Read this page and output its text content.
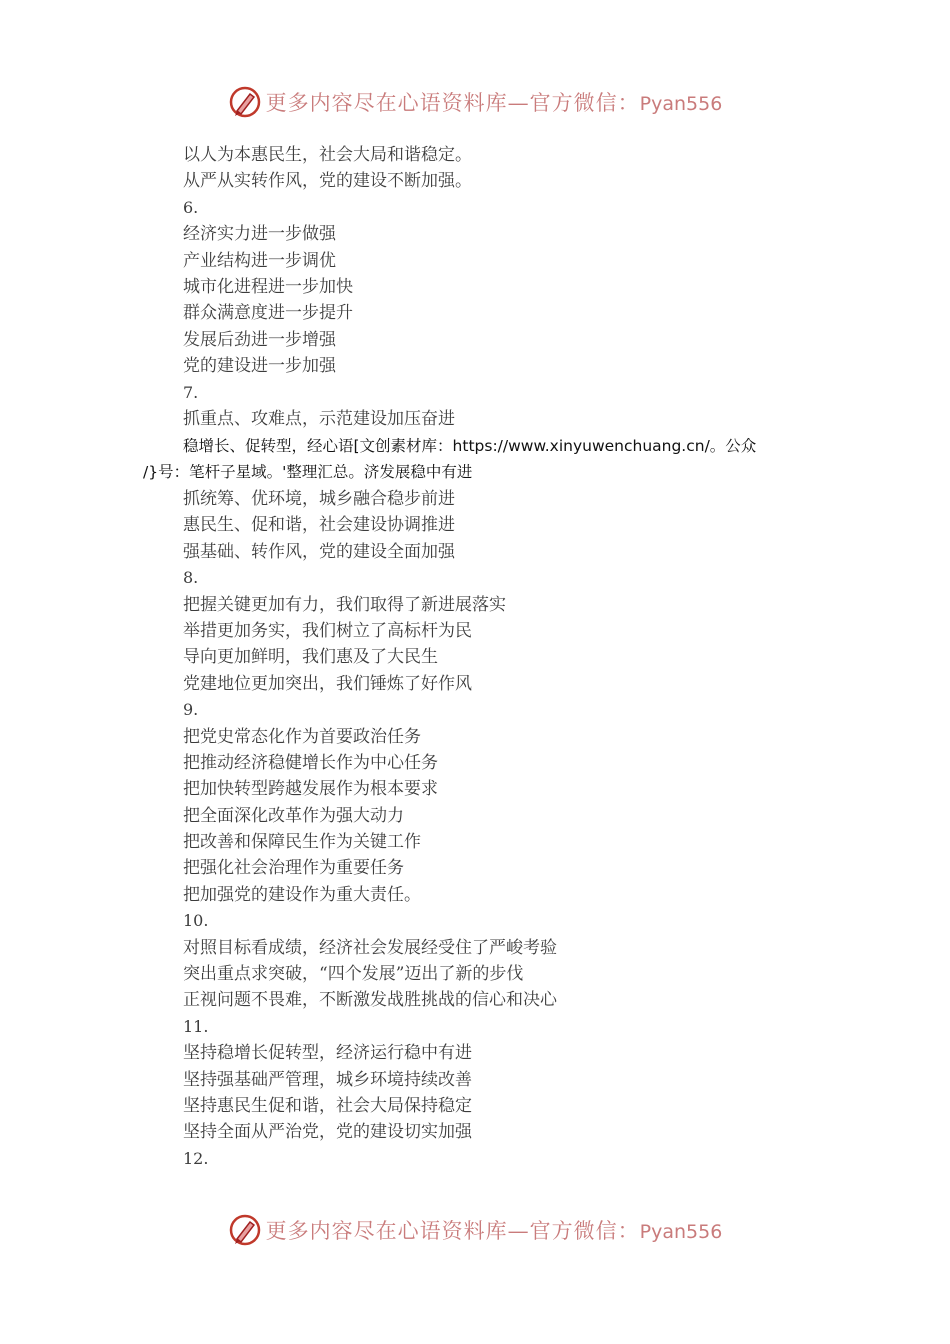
更多内容尽在心语资料库—官方微信：Pyan556
以人为本惠民生，社会大局和谐稳定。
从严从实转作风，党的建设不断加强。
6.
经济实力进一步做强
产业结构进一步调优
城市化进程进一步加快
群众满意度进一步提升
发展后劲进一步增强
党的建设进一步加强
7.
抓重点、攻难点，示范建设加压奋进
稳增长、促转型，经心语[文创素材库：https://www.xinyuwenchuang.cn/。公众
/}号：笔杆子星域。'整理汇总。济发展稳中有进
抓统筹、优环境，城乡融合稳步前进
惠民生、促和谐，社会建设协调推进
强基础、转作风，党的建设全面加强
8.
把握关键更加有力，我们取得了新进展落实
举措更加务实，我们树立了高标杆为民
导向更加鲜明，我们惠及了大民生
党建地位更加突出，我们锤炼了好作风
9.
把党史常态化作为首要政治任务
把推动经济稳健增长作为中心任务
把加快转型跨越发展作为根本要求
把全面深化改革作为强大动力
把改善和保障民生作为关键工作
把强化社会治理作为重要任务
把加强党的建设作为重大责任。
10.
对照目标看成绩，经济社会发展经受住了严峻考验
突出重点求突破，“四个发展”迈出了新的步伐
正视问题不畏难，不断激发战胜挑战的信心和决心
11.
坚持稳增长促转型，经济运行稳中有进
坚持强基础严管理，城乡环境持续改善
坚持惠民生促和谐，社会大局保持稳定
坚持全面从严治党，党的建设切实加强
12.
更多内容尽在心语资料库—官方微信：Pyan556
